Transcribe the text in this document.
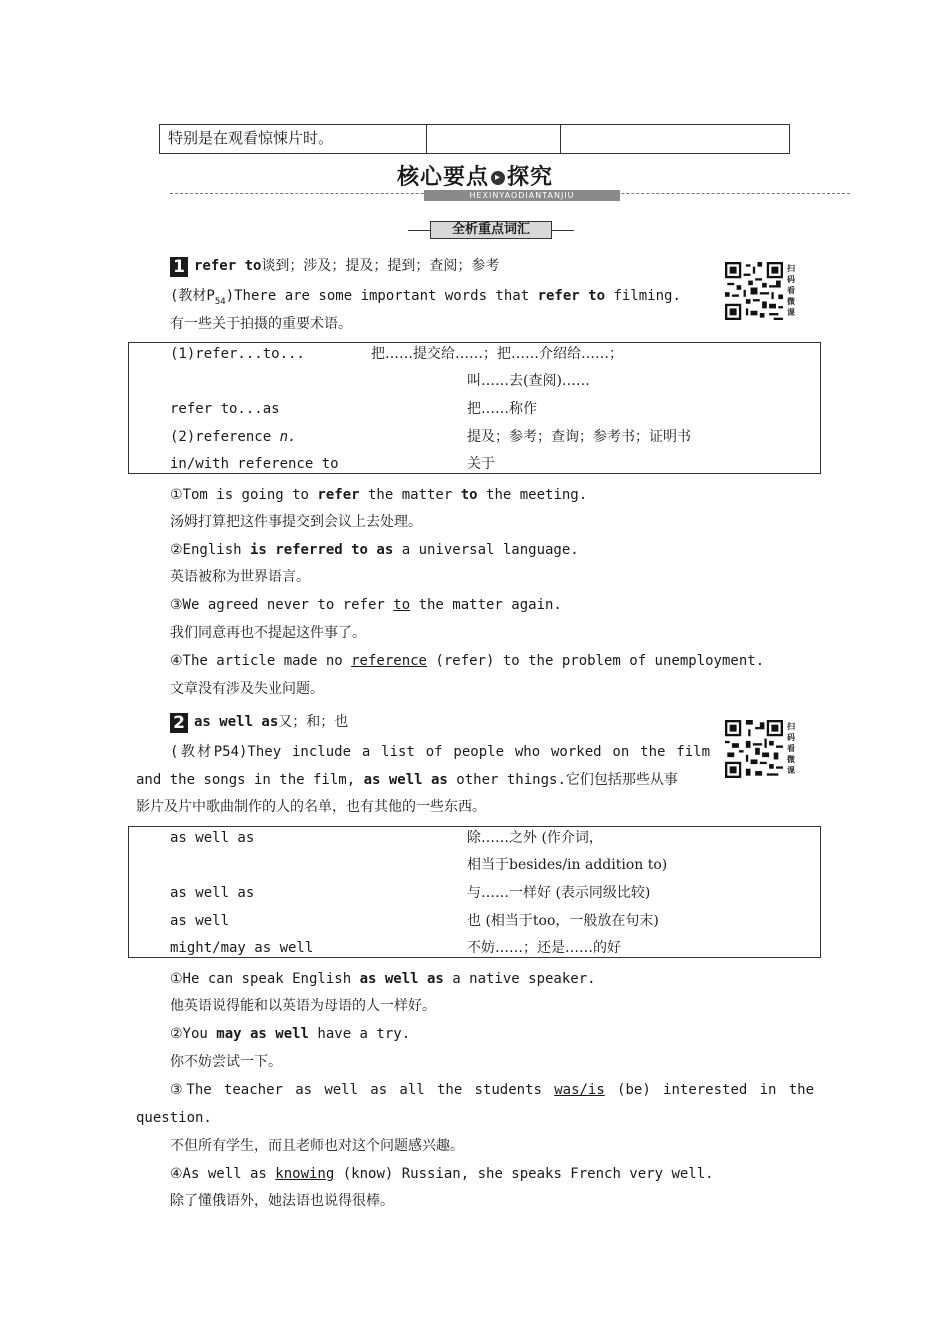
特别是在观看惊悚片时。
核心要点 ▸ 探究
HEXINYAODIANTANJIU
全析重点词汇
1 refer to谈到；涉及；提及；提到；查阅；参考	扫码看微课
(教材$P_{54})There$ are some important words that refer to filming.
有一些关于拍摄的重要术语。
(1)refer...to...	把……提交给……；把……介绍给……；
叫……去(查阅)……
refer to...as	把……称作
(2)reference n.	提及；参考；查询；参考书；证明书
in/with reference to	关于
①Tom is going to refer the matter to the meeting.
汤姆打算把这件事提交到会议上去处理。
②English is referred to as a universal language.
英语被称为世界语言。
③We agreed never to refer to the matter again.
我们同意再也不提起这件事了。
④The article made no reference (refer) to the problem of unemployment.
文章没有涉及失业问题。
2 as well as又；和；也	扫码看微课
(教材P54)They include a list of people who worked on the film
and the songs in the film, as well as other things.它们包括那些从事
影片及片中歌曲制作的人的名单，也有其他的一些东西。
as well as	除……之外 (作介词，
相当于besides/in addition to)
as well as	与……一样好 (表示同级比较)
as well	也 (相当于too，一般放在句末)
might/may as well	不妨……；还是……的好
①He can speak English as well as a native speaker.
他英语说得能和以英语为母语的人一样好。
②You may as well have a try.
你不妨尝试一下。
③The teacher as well as all the students was/is (be) interested in the
question.
不但所有学生，而且老师也对这个问题感兴趣。
④As well as knowing (know) Russian, she speaks French very well.
除了懂俄语外，她法语也说得很棒。
